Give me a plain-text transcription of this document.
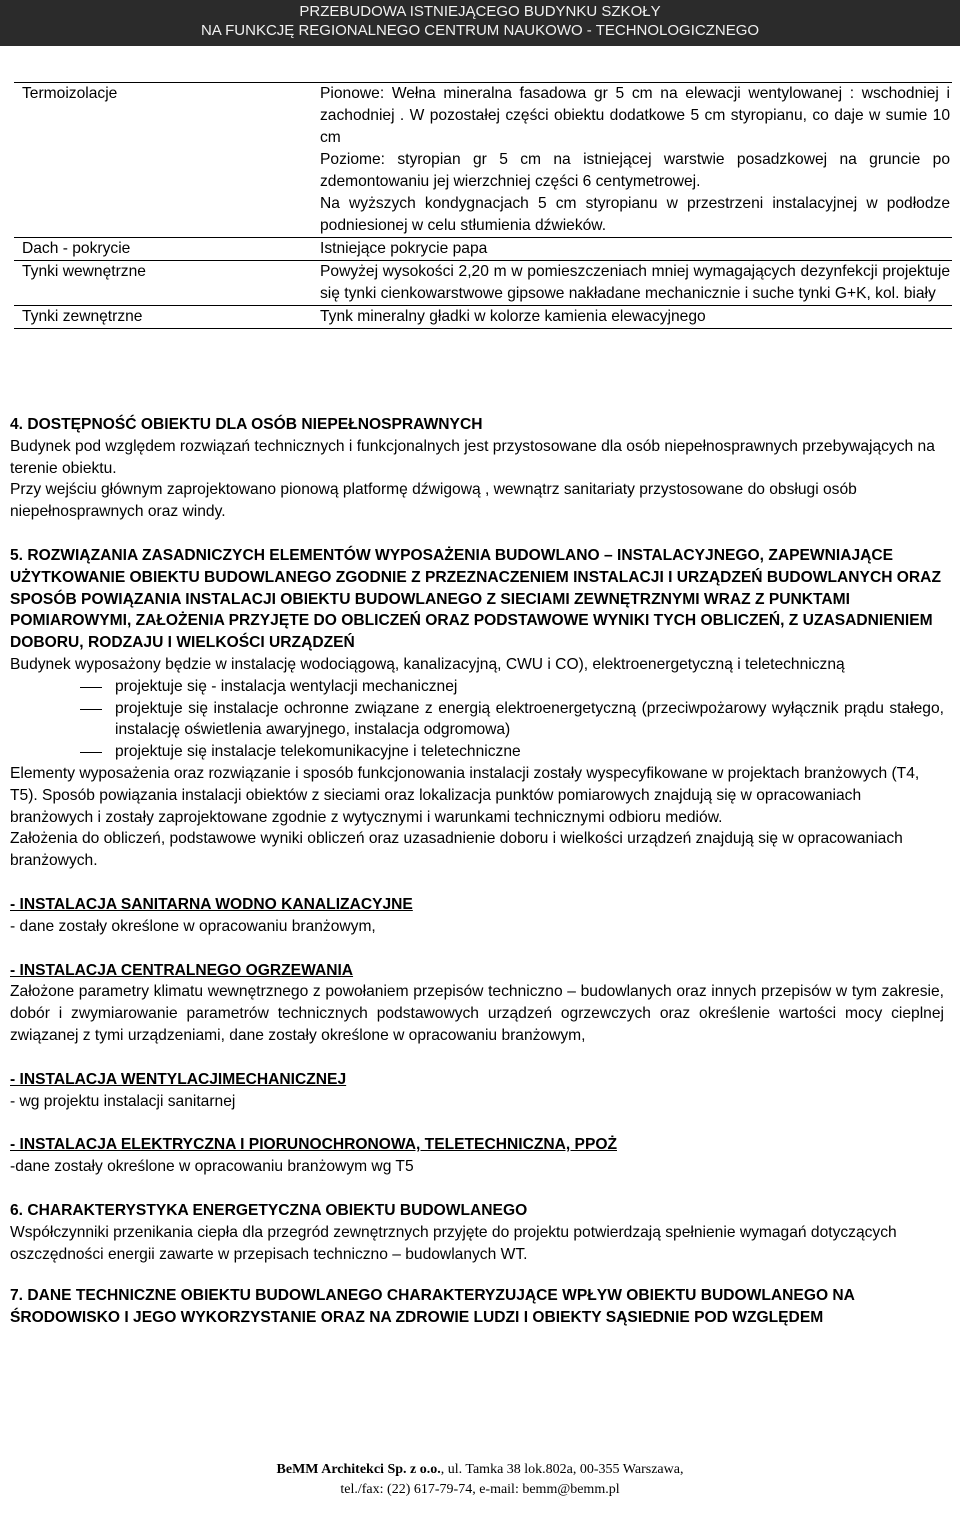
PRZEBUDOWA ISTNIEJĄCEGO BUDYNKU SZKOŁY
NA FUNKCJĘ REGIONALNEGO CENTRUM NAUKOWO - TECHNOLOGICZNEGO
Termoizolacje	Pionowe: Wełna mineralna fasadowa gr 5 cm na elewacji wentylowanej : wschodniej i zachodniej . W pozostałej części obiektu dodatkowe 5 cm styropianu, co daje w sumie 10 cm

Poziome: styropian gr 5 cm na istniejącej warstwie posadzkowej na gruncie po zdemontowaniu jej wierzchniej części 6 centymetrowej.

Na wyższych kondygnacjach 5 cm styropianu w przestrzeni instalacyjnej w podłodze podniesionej w celu stłumienia dźwieków.

Dach - pokrycie	Istniejące pokrycie papa

Tynki wewnętrzne	Powyżej wysokości 2,20 m w pomieszczeniach mniej wymagających dezynfekcji projektuje się tynki cienkowarstwowe gipsowe nakładane mechanicznie i suche tynki G+K, kol. biały

Tynki zewnętrzne	Tynk mineralny gładki w kolorze kamienia elewacyjnego

4. DOSTĘPNOŚĆ OBIEKTU DLA OSÓB NIEPEŁNOSPRAWNYCH

Budynek pod względem rozwiązań technicznych i funkcjonalnych jest przystosowane dla osób niepełnosprawnych przebywających na terenie obiektu.

Przy wejściu głównym zaprojektowano pionową platformę dźwigową , wewnątrz sanitariaty przystosowane do obsługi osób niepełnosprawnych oraz windy.

5. ROZWIĄZANIA ZASADNICZYCH ELEMENTÓW WYPOSAŻENIA BUDOWLANO – INSTALACYJNEGO, ZAPEWNIAJĄCE UŻYTKOWANIE OBIEKTU BUDOWLANEGO ZGODNIE Z PRZEZNACZENIEM INSTALACJI I URZĄDZEŃ BUDOWLANYCH ORAZ SPOSÓB POWIĄZANIA INSTALACJI OBIEKTU BUDOWLANEGO Z SIECIAMI ZEWNĘTRZNYMI WRAZ Z PUNKTAMI POMIAROWYMI, ZAŁOŻENIA PRZYJĘTE DO OBLICZEŃ ORAZ PODSTAWOWE WYNIKI TYCH OBLICZEŃ, Z UZASADNIENIEM DOBORU, RODZAJU I WIELKOŚCI URZĄDZEŃ

Budynek wyposażony będzie w instalację wodociągową, kanalizacyjną, CWU i CO), elektroenergetyczną i teletechniczną

projektuje się - instalacja wentylacji mechanicznej
projektuje się instalacje ochronne związane z energią elektroenergetyczną (przeciwpożarowy wyłącznik prądu stałego, instalację oświetlenia awaryjnego, instalacja odgromowa)
projektuje się instalacje telekomunikacyjne i teletechniczne

Elementy wyposażenia oraz rozwiązanie i sposób funkcjonowania instalacji zostały wyspecyfikowane w projektach branżowych (T4, T5). Sposób powiązania instalacji obiektów z sieciami oraz lokalizacja punktów pomiarowych znajdują się w opracowaniach branżowych i zostały zaprojektowane zgodnie z wytycznymi i warunkami technicznymi odbioru mediów.

Założenia do obliczeń, podstawowe wyniki obliczeń oraz uzasadnienie doboru i wielkości urządzeń znajdują się w opracowaniach branżowych.

- INSTALACJA SANITARNA WODNO KANALIZACYJNE

- dane zostały określone w opracowaniu branżowym,

- INSTALACJA CENTRALNEGO OGRZEWANIA

Założone parametry klimatu wewnętrznego z powołaniem przepisów techniczno – budowlanych oraz innych przepisów w tym zakresie, dobór i zwymiarowanie parametrów technicznych podstawowych urządzeń ogrzewczych oraz określenie wartości mocy cieplnej związanej z tymi urządzeniami, dane zostały określone w opracowaniu branżowym,

- INSTALACJA WENTYLACJIMECHANICZNEJ

- wg projektu instalacji sanitarnej

- INSTALACJA ELEKTRYCZNA I PIORUNOCHRONOWA, TELETECHNICZNA, PPOŻ

-dane zostały określone w opracowaniu branżowym wg T5

6. CHARAKTERYSTYKA ENERGETYCZNA OBIEKTU BUDOWLANEGO

Współczynniki przenikania ciepła dla przegród zewnętrznych przyjęte do projektu potwierdzają spełnienie wymagań dotyczących oszczędności energii zawarte w przepisach techniczno – budowlanych WT.

7. DANE TECHNICZNE OBIEKTU BUDOWLANEGO CHARAKTERYZUJĄCE WPŁYW OBIEKTU BUDOWLANEGO NA ŚRODOWISKO I JEGO WYKORZYSTANIE ORAZ NA ZDROWIE LUDZI I OBIEKTY SĄSIEDNIE POD WZGLĘDEM

BeMM Architekci Sp. z o.o., ul. Tamka 38 lok.802a, 00-355 Warszawa,
tel./fax: (22) 617-79-74, e-mail: bemm@bemm.pl
